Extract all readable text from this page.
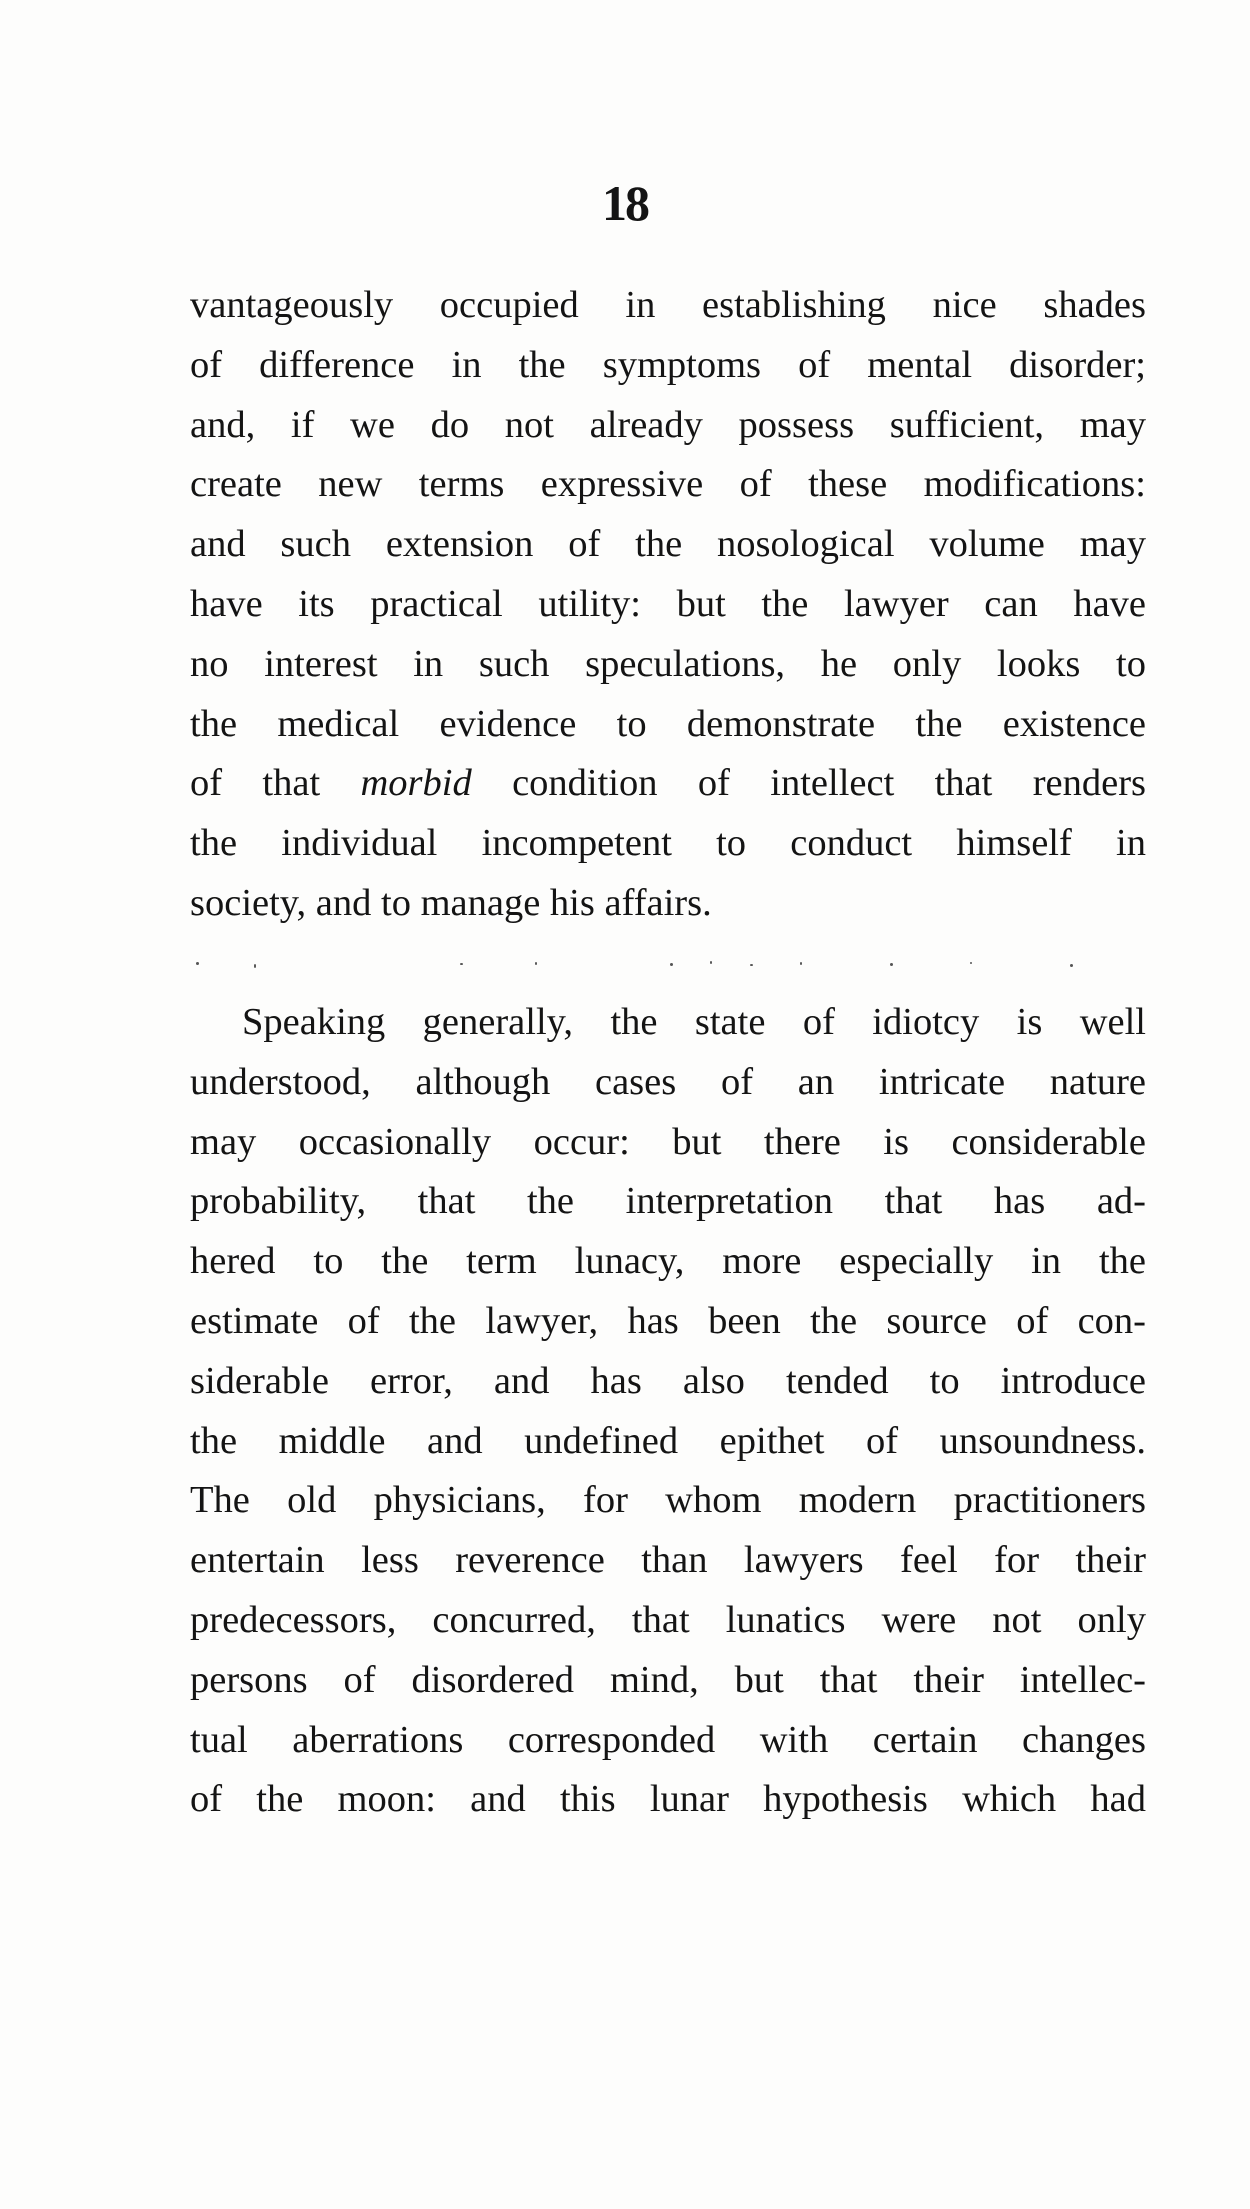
18
vantageously occupied in establishing nice shades
of difference in the symptoms of mental disorder;
and, if we do not already possess sufficient, may
create new terms expressive of these modifications:
and such extension of the nosological volume may
have its practical utility: but the lawyer can have
no interest in such speculations, he only looks to
the medical evidence to demonstrate the existence
of that morbid condition of intellect that renders
the individual incompetent to conduct himself in
society, and to manage his affairs.
Speaking generally, the state of idiotcy is well
understood, although cases of an intricate nature
may occasionally occur: but there is considerable
probability, that the interpretation that has ad-
hered to the term lunacy, more especially in the
estimate of the lawyer, has been the source of con-
siderable error, and has also tended to introduce
the middle and undefined epithet of unsoundness.
The old physicians, for whom modern practitioners
entertain less reverence than lawyers feel for their
predecessors, concurred, that lunatics were not only
persons of disordered mind, but that their intellec-
tual aberrations corresponded with certain changes
of the moon: and this lunar hypothesis which had
